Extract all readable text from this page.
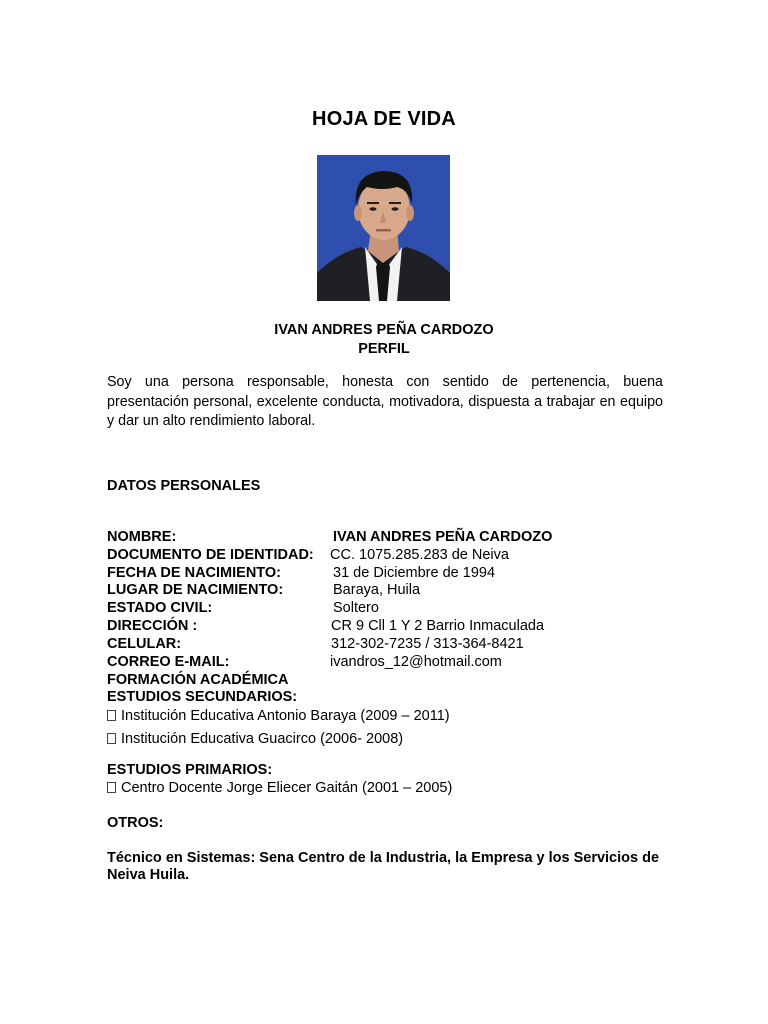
HOJA DE VIDA
IVAN ANDRES PEÑA CARDOZO
PERFIL
Soy una persona responsable, honesta con sentido de pertenencia, buena presentación personal, excelente conducta, motivadora, dispuesta a trabajar en equipo y dar un alto rendimiento laboral.
DATOS PERSONALES
NOMBRE:	IVAN ANDRES PEÑA CARDOZO
DOCUMENTO DE IDENTIDAD: CC. 1075.285.283 de Neiva
FECHA DE NACIMIENTO:	31 de Diciembre de 1994
LUGAR DE NACIMIENTO:	Baraya, Huila
ESTADO CIVIL:	Soltero
DIRECCIÓN :	CR 9 Cll 1 Y 2 Barrio Inmaculada
CELULAR:	312-302-7235 / 313-364-8421
CORREO E-MAIL:	ivandros_12@hotmail.com
FORMACIÓN ACADÉMICA
ESTUDIOS SECUNDARIOS:
Institución Educativa Antonio Baraya (2009 – 2011)
Institución Educativa Guacirco (2006- 2008)
ESTUDIOS PRIMARIOS:
Centro Docente Jorge Eliecer Gaitán (2001 – 2005)
OTROS:
Técnico en Sistemas: Sena Centro de la Industria, la Empresa y los Servicios de Neiva Huila.
